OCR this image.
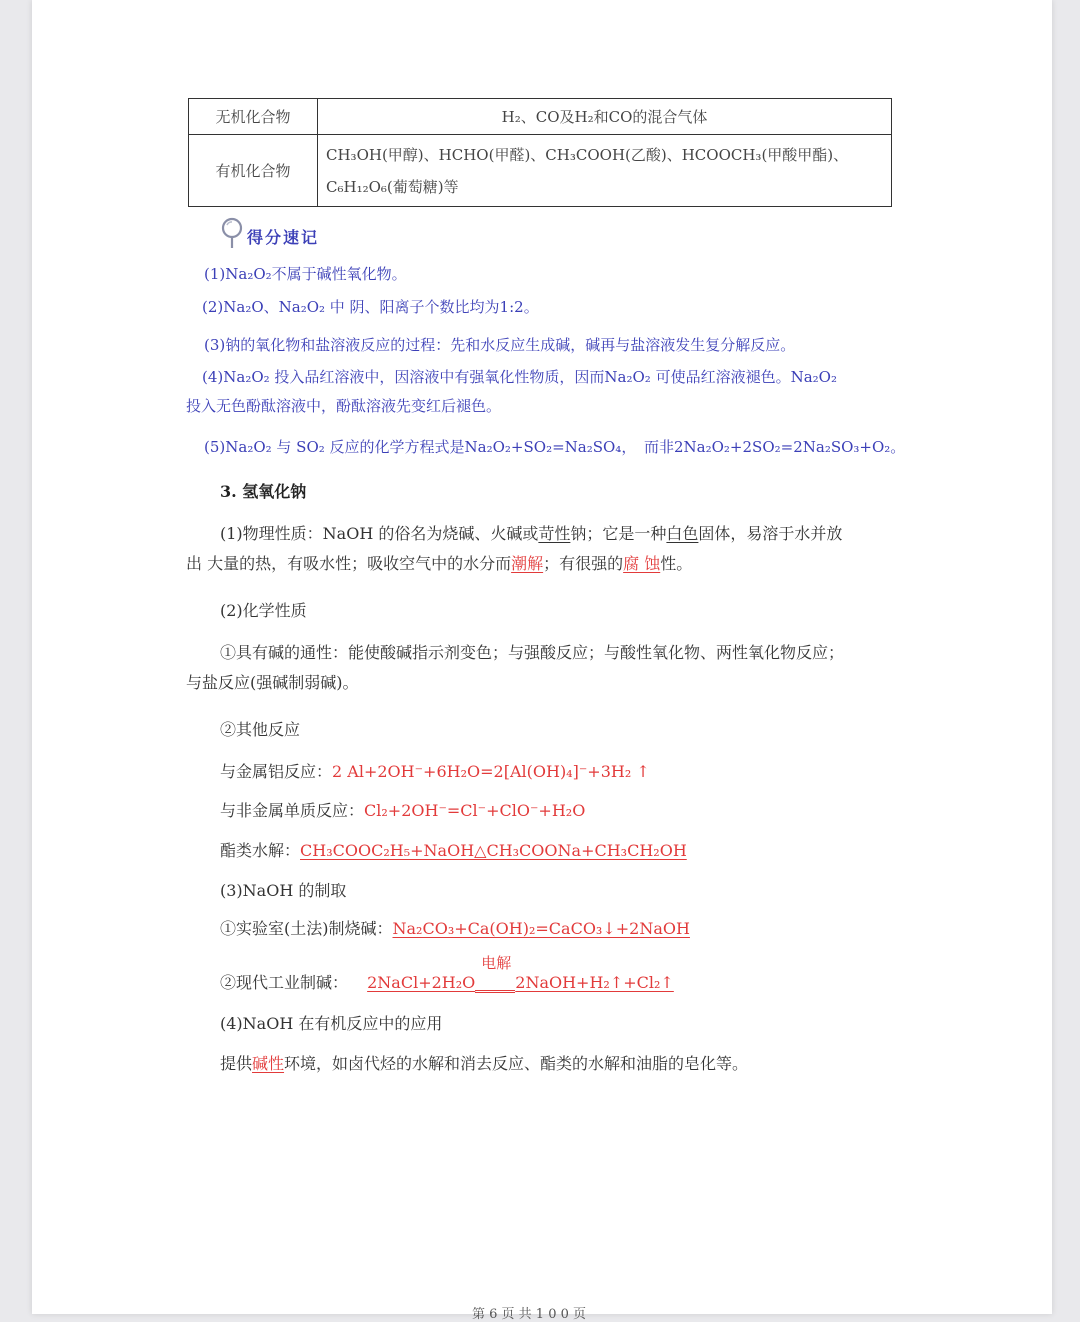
无机化合物	H₂、CO及H₂和CO的混合气体
有机化合物	CH₃OH(甲醇)、HCHO(甲醛)、CH₃COOH(乙酸)、HCOOCH₃(甲酸甲酯)、
C₆H₁₂O₆(葡萄糖)等
得分速记
(1)Na₂O₂不属于碱性氧化物。
(2)Na₂O、Na₂O₂ 中 阴、阳离子个数比均为1:2。
(3)钠的氧化物和盐溶液反应的过程：先和水反应生成碱，碱再与盐溶液发生复分解反应。
(4)Na₂O₂ 投入品红溶液中，因溶液中有强氧化性物质，因而Na₂O₂ 可使品红溶液褪色。Na₂O₂
投入无色酚酞溶液中，酚酞溶液先变红后褪色。
(5)Na₂O₂ 与 SO₂ 反应的化学方程式是Na₂O₂+SO₂=Na₂SO₄， 而非2Na₂O₂+2SO₂=2Na₂SO₃+O₂。
3. 氢氧化钠
(1)物理性质：NaOH 的俗名为烧碱、火碱或苛性钠；它是一种白色固体，易溶于水并放
出 大量的热，有吸水性；吸收空气中的水分而潮解；有很强的腐 蚀性。
(2)化学性质
①具有碱的通性：能使酸碱指示剂变色；与强酸反应；与酸性氧化物、两性氧化物反应；
与盐反应(强碱制弱碱)。
②其他反应
与金属铝反应：2 Al+2OH⁻+6H₂O=2[Al(OH)₄]⁻+3H₂ ↑
与非金属单质反应：Cl₂+2OH⁻=Cl⁻+ClO⁻+H₂O
酯类水解：CH₃COOC₂H₅+NaOH△CH₃COONa+CH₃CH₂OH
(3)NaOH 的制取
①实验室(土法)制烧碱：Na₂CO₃+Ca(OH)₂=CaCO₃↓+2NaOH
②现代工业制碱： 2NaCl+2H₂O
电解
​  2NaOH+H₂↑+Cl₂↑
(4)NaOH 在有机反应中的应用
提供碱性环境，如卤代烃的水解和消去反应、酯类的水解和油脂的皂化等。
第 6 页 共 1 0 0 页
